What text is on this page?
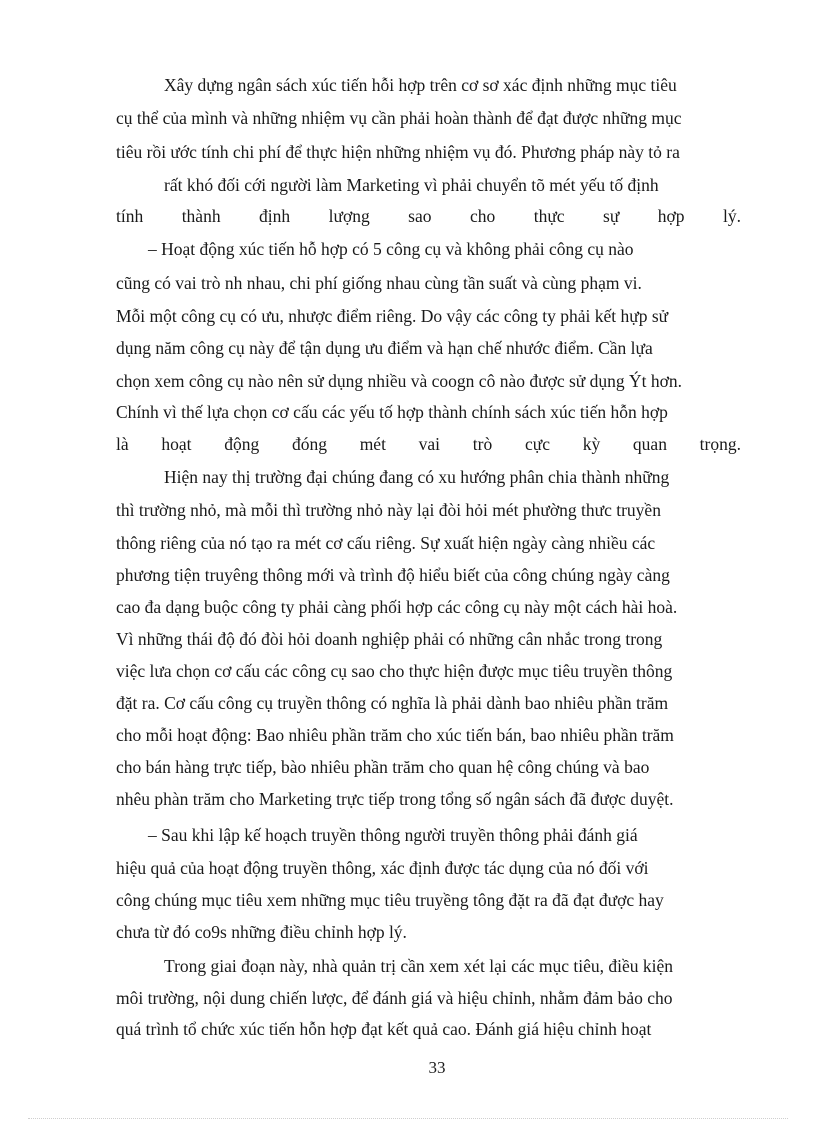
Xây dựng ngân sách xúc tiến hỗi hợp trên cơ sơ xác định những mục tiêu

cụ thể của mình và những nhiệm vụ cần phải hoàn thành để đạt được những mục

tiêu rồi ước tính chi phí để thực hiện những nhiệm vụ đó. Phương pháp này tỏ ra

rất khó đối cới người làm Marketing vì phải chuyển tõ mét yếu tố định

tính thành định lượng sao cho thực sự hợp lý.

– Hoạt động xúc tiến hỗ hợp có 5 công cụ và không phải công cụ nào

cũng có vai trò nh nhau, chi phí giống nhau cùng tần suất và cùng phạm vi.

Mỗi một công cụ có ưu, nhược điểm riêng. Do vậy các công ty phải kết hựp sử

dụng năm công cụ này để tận dụng ưu điểm và hạn chế nhước điểm. Cần lựa

chọn xem công cụ nào nên sử dụng nhiều và coogn cô nào được sử dụng Ýt hơn.

Chính vì thế lựa chọn cơ cấu các yếu tố hợp thành chính sách xúc tiến hỗn hợp

là hoạt động đóng mét vai trò cực kỳ quan trọng.

Hiện nay thị trường đại chúng đang có xu hướng phân chia thành những

thì trường nhỏ, mà mỗi thì trường nhỏ này lại đòi hỏi mét phường thưc truyền

thông riêng của nó tạo ra mét cơ cấu riêng. Sự xuất hiện ngày càng nhiều các

phương tiện truyêng thông mới và trình độ hiểu biết của công chúng ngày càng

cao đa dạng buộc công ty phải càng phối hợp các công cụ này một cách hài hoà.

Vì những thái độ đó đòi hỏi doanh nghiệp phải có những cân nhắc trong trong

việc lưa chọn cơ cấu các công cụ sao cho thực hiện được mục tiêu truyền thông

đặt ra. Cơ cấu công cụ truyền thông có nghĩa là phải dành bao nhiêu phần trăm

cho mỗi hoạt động: Bao nhiêu phần trăm cho xúc tiến bán, bao nhiêu phần trăm

cho bán hàng trực tiếp, bào nhiêu phần trăm cho quan hệ công chúng và bao

nhêu phàn trăm cho Marketing trực tiếp trong tổng số ngân sách đã được duyệt.

– Sau khi lập kế hoạch truyền thông người truyền thông phải đánh giá

hiệu quả của hoạt động truyền thông, xác định được tác dụng của nó đối với

công chúng mục tiêu xem những mục tiêu truyềng tông đặt ra đã đạt được hay

chưa từ đó co9s những điều chỉnh hợp lý.

Trong giai đoạn này, nhà quản trị cần xem xét lại các mục tiêu, điều kiện

môi trường, nội dung chiến lược, để đánh giá và hiệu chỉnh, nhằm đảm bảo cho

quá trình tổ chức xúc tiến hỗn hợp đạt kết quả cao. Đánh giá hiệu chỉnh hoạt

33
